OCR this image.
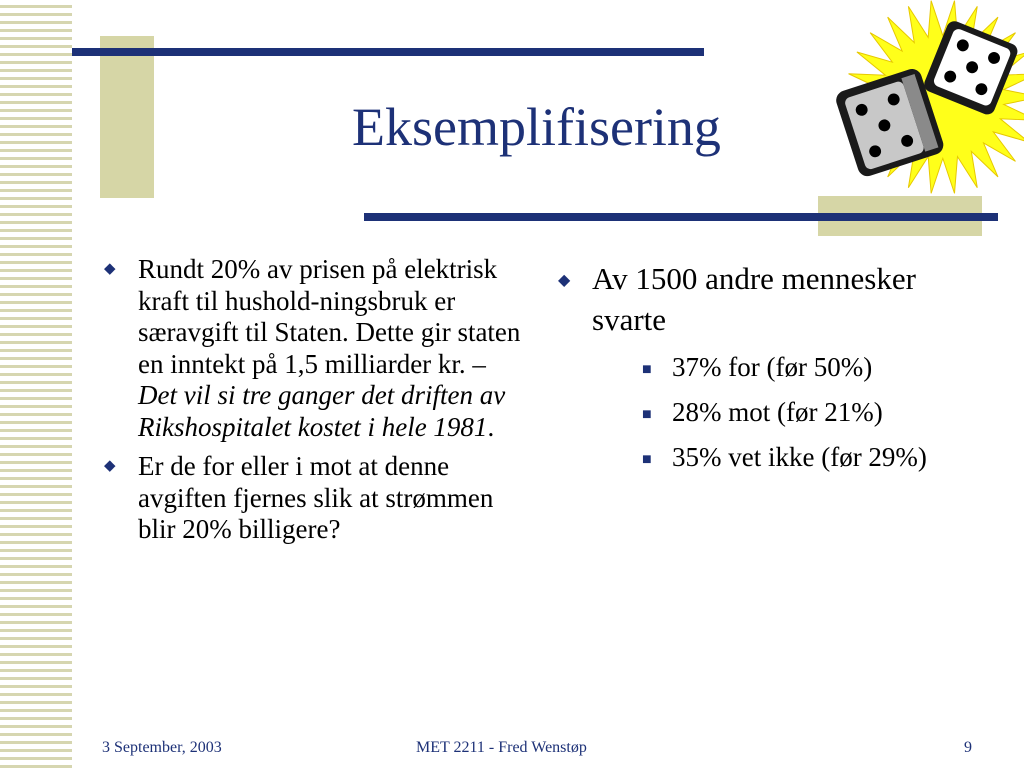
Eksemplifisering
◆ Rundt 20% av prisen på elektrisk kraft til hushold-ningsbruk er særavgift til Staten. Dette gir staten en inntekt på 1,5 milliarder kr. – Det vil si tre ganger det driften av Rikshospitalet kostet i hele 1981.
◆ Er de for eller i mot at denne avgiften fjernes slik at strømmen blir 20% billigere?
◆ Av 1500 andre mennesker svarte
■ 37% for (før 50%)
■ 28% mot (før 21%)
■ 35% vet ikke (før 29%)
3 September, 2003	MET 2211 - Fred Wenstøp	9
